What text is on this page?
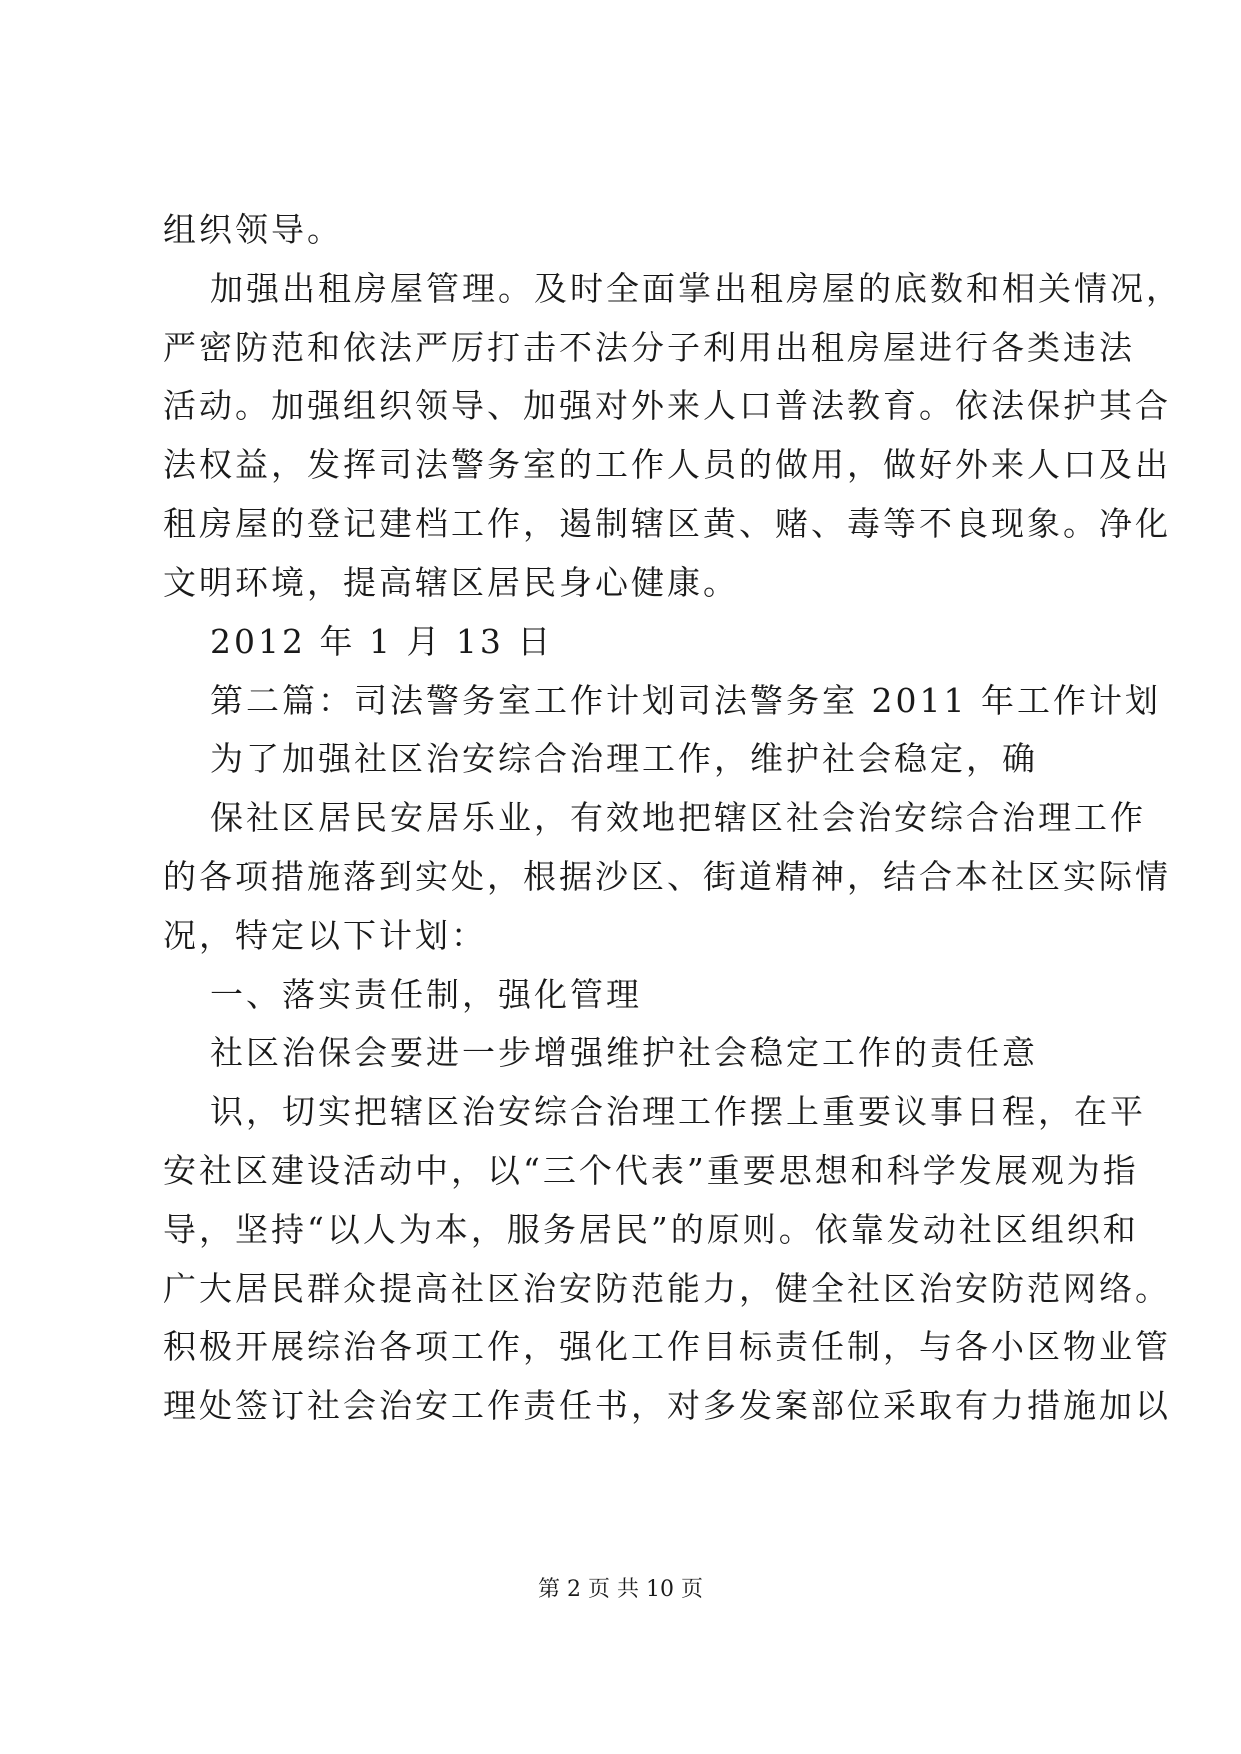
组织领导。
加强出租房屋管理。及时全面掌出租房屋的底数和相关情况，
严密防范和依法严厉打击不法分子利用出租房屋进行各类违法
活动。加强组织领导、加强对外来人口普法教育。依法保护其合
法权益，发挥司法警务室的工作人员的做用，做好外来人口及出
租房屋的登记建档工作，遏制辖区黄、赌、毒等不良现象。净化
文明环境，提高辖区居民身心健康。
2012 年 1 月 13 日
第二篇：司法警务室工作计划司法警务室 2011 年工作计划
为了加强社区治安综合治理工作，维护社会稳定，确
保社区居民安居乐业，有效地把辖区社会治安综合治理工作
的各项措施落到实处，根据沙区、街道精神，结合本社区实际情
况，特定以下计划：
一、落实责任制，强化管理
社区治保会要进一步增强维护社会稳定工作的责任意
识，切实把辖区治安综合治理工作摆上重要议事日程，在平
安社区建设活动中，以“三个代表”重要思想和科学发展观为指
导，坚持“以人为本，服务居民”的原则。依靠发动社区组织和
广大居民群众提高社区治安防范能力，健全社区治安防范网络。
积极开展综治各项工作，强化工作目标责任制，与各小区物业管
理处签订社会治安工作责任书，对多发案部位采取有力措施加以
第 2 页 共 10 页
